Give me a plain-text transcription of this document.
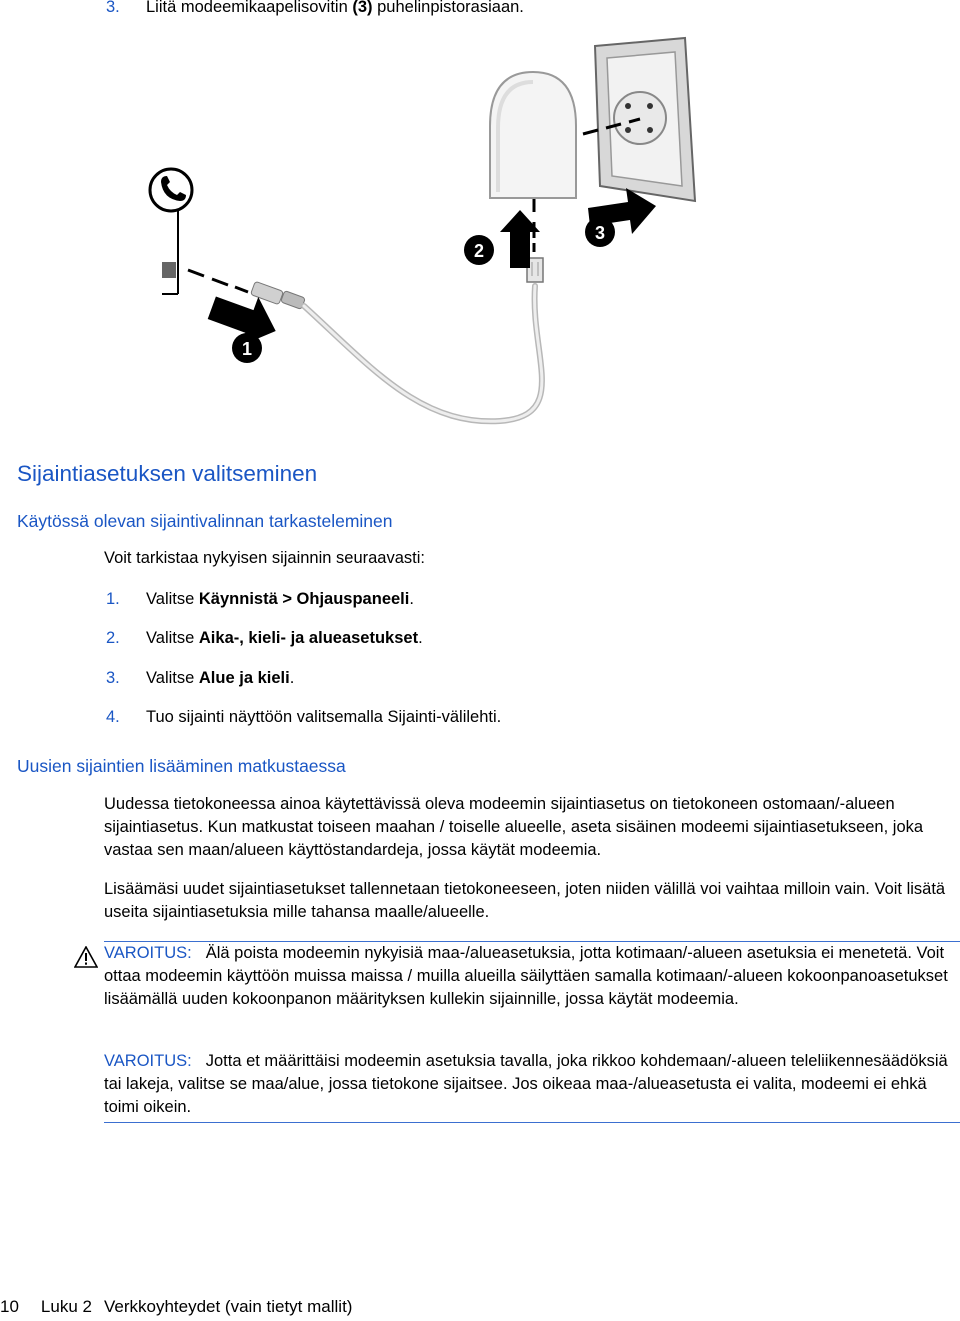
3. Liitä modeemikaapelisovitin (3) puhelinpistorasiaan.
1
2
3
Sijaintiasetuksen valitseminen
Käytössä olevan sijaintivalinnan tarkasteleminen
Voit tarkistaa nykyisen sijainnin seuraavasti:
1. Valitse Käynnistä > Ohjauspaneeli.
2. Valitse Aika-, kieli- ja alueasetukset.
3. Valitse Alue ja kieli.
4. Tuo sijainti näyttöön valitsemalla Sijainti-välilehti.
Uusien sijaintien lisääminen matkustaessa
Uudessa tietokoneessa ainoa käytettävissä oleva modeemin sijaintiasetus on tietokoneen ostomaan/-alueen sijaintiasetus. Kun matkustat toiseen maahan / toiselle alueelle, aseta sisäinen modeemi sijaintiasetukseen, joka vastaa sen maan/alueen käyttöstandardeja, jossa käytät modeemia.
Lisäämäsi uudet sijaintiasetukset tallennetaan tietokoneeseen, joten niiden välillä voi vaihtaa milloin vain. Voit lisätä useita sijaintiasetuksia mille tahansa maalle/alueelle.
VAROITUS: Älä poista modeemin nykyisiä maa-/alueasetuksia, jotta kotimaan/-alueen asetuksia ei menetetä. Voit ottaa modeemin käyttöön muissa maissa / muilla alueilla säilyttäen samalla kotimaan/-alueen kokoonpanoasetukset lisäämällä uuden kokoonpanon määrityksen kullekin sijainnille, jossa käytät modeemia.
VAROITUS: Jotta et määrittäisi modeemin asetuksia tavalla, joka rikkoo kohdemaan/-alueen teleliikennesäädöksiä tai lakeja, valitse se maa/alue, jossa tietokone sijaitsee. Jos oikeaa maa-/alueasetusta ei valita, modeemi ei ehkä toimi oikein.
10 Luku 2 Verkkoyhteydet (vain tietyt mallit)
